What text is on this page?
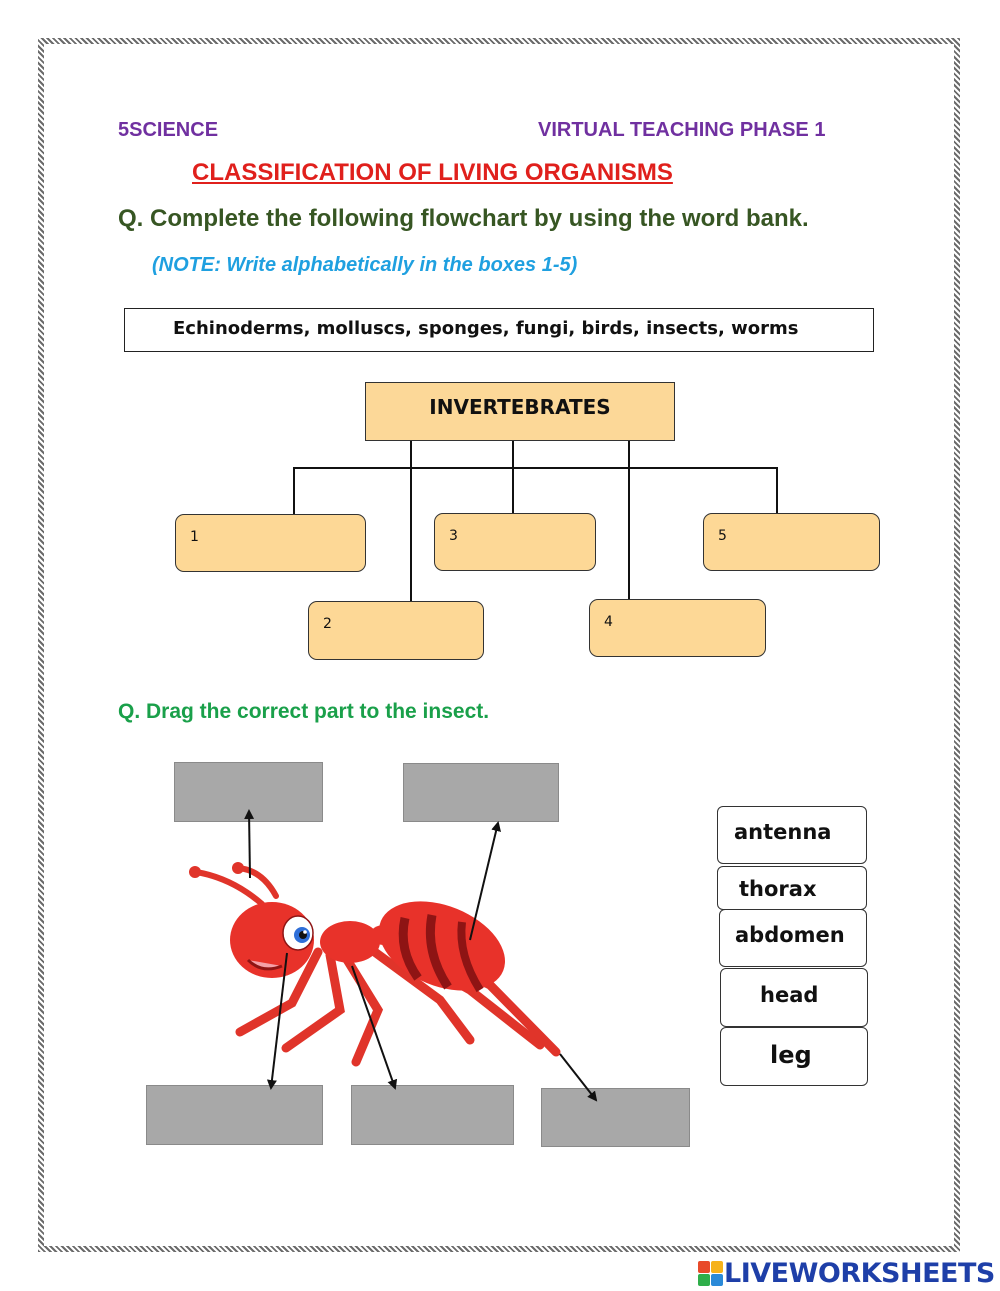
5SCIENCE	VIRTUAL TEACHING PHASE 1
CLASSIFICATION OF LIVING ORGANISMS
Q. Complete the following flowchart by using the word bank.
(NOTE: Write alphabetically in the boxes 1-5)
Echinoderms, molluscs, sponges, fungi, birds, insects, worms
INVERTEBRATES
1
2
3
4
5
Q. Drag the correct part to the insect.
antenna
thorax
abdomen
head
leg
LIVEWORKSHEETS
